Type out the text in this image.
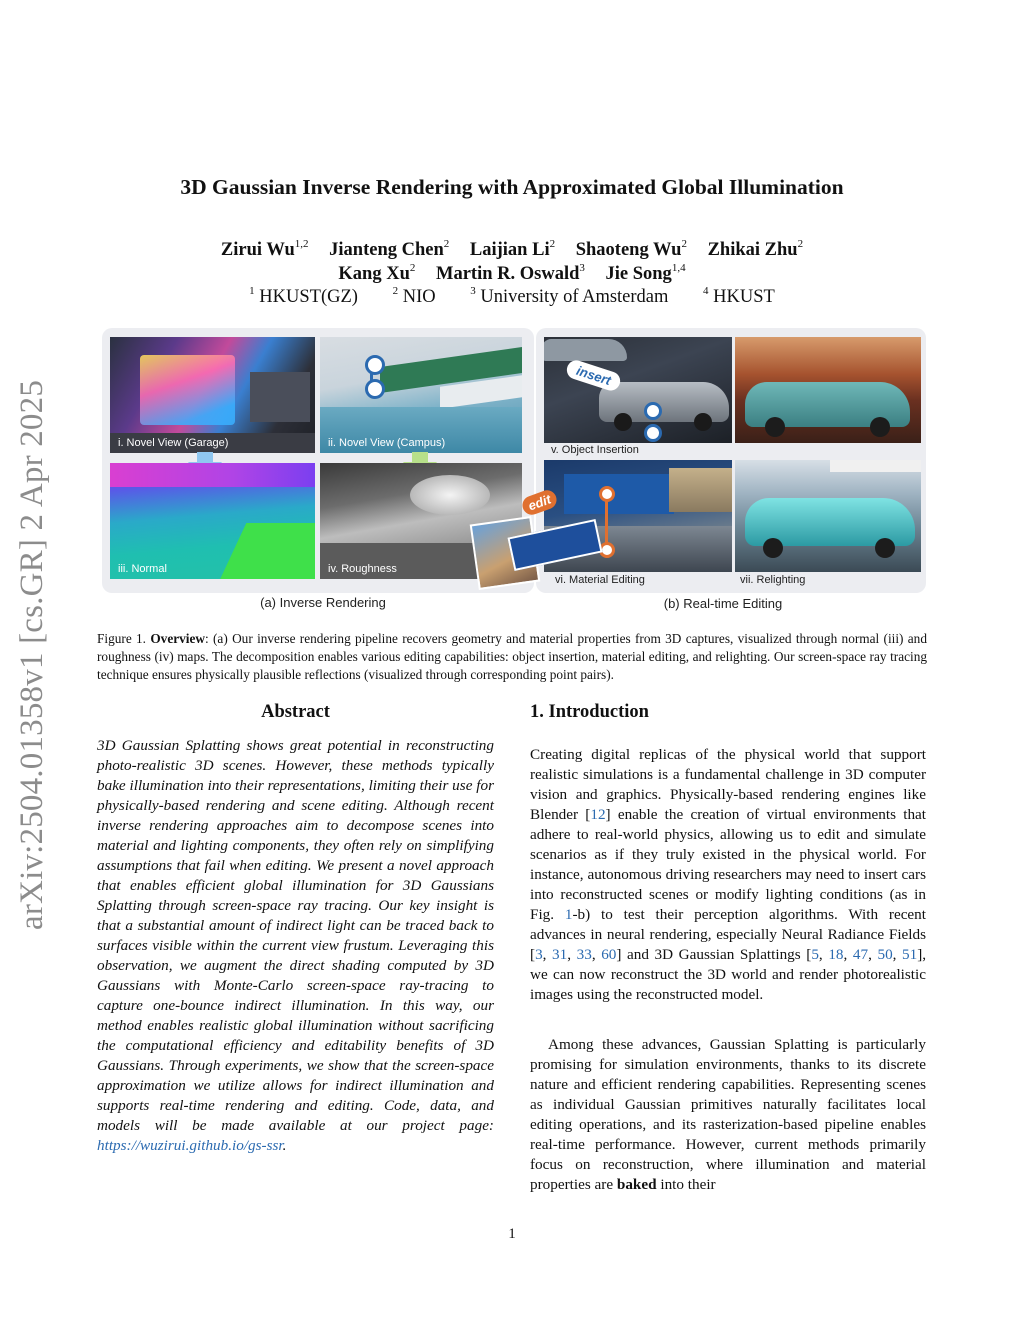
arXiv:2504.01358v1 [cs.GR] 2 Apr 2025
3D Gaussian Inverse Rendering with Approximated Global Illumination
Zirui Wu$^{1,2}$ Jianteng Chen$^2$ Laijian Li$^2$ Shaoteng Wu$^2$ Zhikai Zhu$^2$
Kang Xu$^2$ Martin R. Oswald$^3$ Jie Song$^{1,4}$
$^1$ HKUST(GZ)	$^2$ NIO	$^3$ University of Amsterdam	$^4$ HKUST
i. Novel View (Garage)	ii. Novel View (Campus)
iii. Normal	iv. Roughness
insert
v. Object Insertion
edit
vi. Material Editing	vii. Relighting
(a) Inverse Rendering	(b) Real-time Editing
Figure 1. Overview: (a) Our inverse rendering pipeline recovers geometry and material properties from 3D captures, visualized through normal (iii) and roughness (iv) maps. The decomposition enables various editing capabilities: object insertion, material editing, and relighting. Our screen-space ray tracing technique ensures physically plausible reflections (visualized through corresponding point pairs).
Abstract
3D Gaussian Splatting shows great potential in reconstructing photo-realistic 3D scenes. However, these methods typically bake illumination into their representations, limiting their use for physically-based rendering and scene editing. Although recent inverse rendering approaches aim to decompose scenes into material and lighting components, they often rely on simplifying assumptions that fail when editing. We present a novel approach that enables efficient global illumination for 3D Gaussians Splatting through screen-space ray tracing. Our key insight is that a substantial amount of indirect light can be traced back to surfaces visible within the current view frustum. Leveraging this observation, we augment the direct shading computed by 3D Gaussians with Monte-Carlo screen-space ray-tracing to capture one-bounce indirect illumination. In this way, our method enables realistic global illumination without sacrificing the computational efficiency and editability benefits of 3D Gaussians. Through experiments, we show that the screen-space approximation we utilize allows for indirect illumination and supports real-time rendering and editing. Code, data, and models will be made available at our project page: https://wuzirui.github.io/gs-ssr.
1. Introduction
Creating digital replicas of the physical world that support realistic simulations is a fundamental challenge in 3D computer vision and graphics. Physically-based rendering engines like Blender [12] enable the creation of virtual environments that adhere to real-world physics, allowing us to edit and simulate scenarios as if they truly existed in the physical world. For instance, autonomous driving researchers may need to insert cars into reconstructed scenes or modify lighting conditions (as in Fig. 1-b) to test their perception algorithms. With recent advances in neural rendering, especially Neural Radiance Fields [3, 31, 33, 60] and 3D Gaussian Splattings [5, 18, 47, 50, 51], we can now reconstruct the 3D world and render photorealistic images using the reconstructed model.
Among these advances, Gaussian Splatting is particularly promising for simulation environments, thanks to its discrete nature and efficient rendering capabilities. Representing scenes as individual Gaussian primitives naturally facilitates local editing operations, and its rasterization-based pipeline enables real-time performance. However, current methods primarily focus on reconstruction, where illumination and material properties are baked into their
1
